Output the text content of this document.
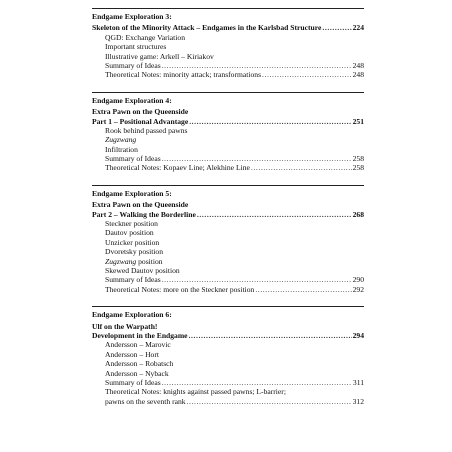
Endgame Exploration 3:
Skeleton of the Minority Attack – Endgames in the Karlsbad Structure .....	224
QGD: Exchange Variation
Important structures
Illustrative game: Arkell – Kiriakov
Summary of Ideas .....	248
Theoretical Notes: minority attack; transformations .....	248
Endgame Exploration 4:
Extra Pawn on the Queenside
Part 1 – Positional Advantage .....	251
Rook behind passed pawns
Zugzwang
Infiltration
Summary of Ideas .....	258
Theoretical Notes: Kopaev Line; Alekhine Line .....	258
Endgame Exploration 5:
Extra Pawn on the Queenside
Part 2 – Walking the Borderline .....	268
Steckner position
Dautov position
Unzicker position
Dvoretsky position
Zugzwang position
Skewed Dautov position
Summary of Ideas .....	290
Theoretical Notes: more on the Steckner position .....	292
Endgame Exploration 6:
Ulf on the Warpath!
Development in the Endgame .....	294
Andersson – Marovic
Andersson – Hort
Andersson – Robatsch
Andersson – Nyback
Summary of Ideas .....	311
Theoretical Notes: knights against passed pawns; L-barrier;
pawns on the seventh rank .....	312
